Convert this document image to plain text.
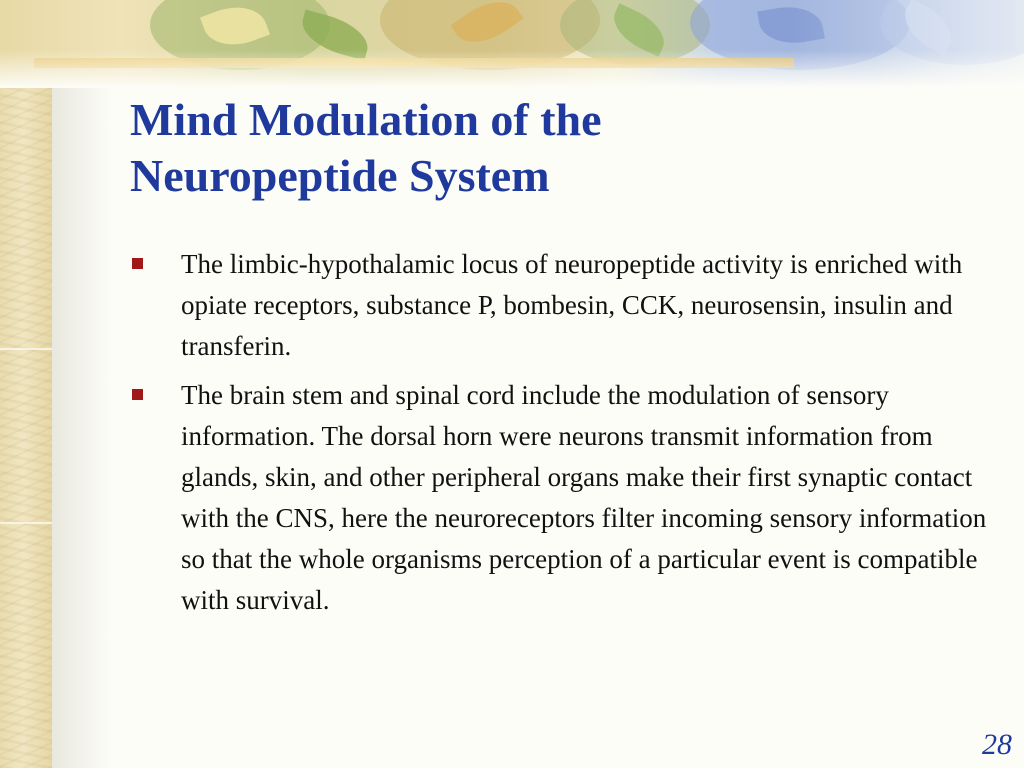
Mind Modulation of the
Neuropeptide System
The limbic-hypothalamic locus of neuropeptide activity is enriched with opiate receptors, substance P, bombesin, CCK, neurosensin, insulin and transferin.
The brain stem and spinal cord include the modulation of sensory information. The dorsal horn were neurons transmit information from glands, skin, and other peripheral organs make their first synaptic contact with the CNS, here the neuroreceptors filter incoming sensory information so that the whole organisms perception of a particular event is compatible with survival.
28
